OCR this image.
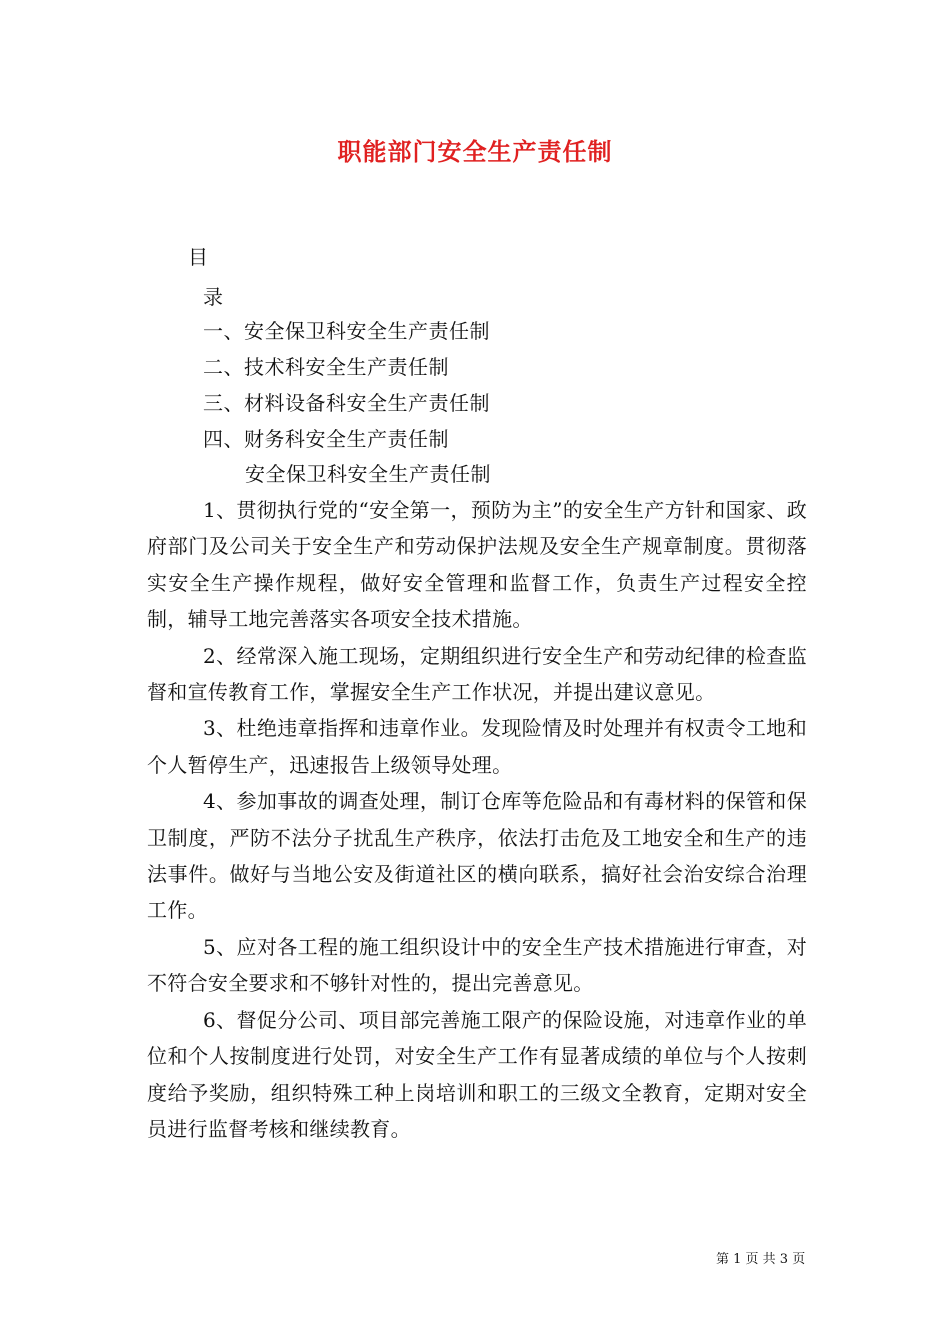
职能部门安全生产责任制
目
录
一、安全保卫科安全生产责任制
二、技术科安全生产责任制
三、材料设备科安全生产责任制
四、财务科安全生产责任制
安全保卫科安全生产责任制

1、贯彻执行党的“安全第一，预防为主”的安全生产方针和国家、政府部门及公司关于安全生产和劳动保护法规及安全生产规章制度。贯彻落实安全生产操作规程，做好安全管理和监督工作，负责生产过程安全控制，辅导工地完善落实各项安全技术措施。

2、经常深入施工现场，定期组织进行安全生产和劳动纪律的检查监督和宣传教育工作，掌握安全生产工作状况，并提出建议意见。

3、杜绝违章指挥和违章作业。发现险情及时处理并有权责令工地和个人暂停生产，迅速报告上级领导处理。

4、参加事故的调查处理，制订仓库等危险品和有毒材料的保管和保卫制度，严防不法分子扰乱生产秩序，依法打击危及工地安全和生产的违法事件。做好与当地公安及街道社区的横向联系，搞好社会治安综合治理工作。

5、应对各工程的施工组织设计中的安全生产技术措施进行审查，对不符合安全要求和不够针对性的，提出完善意见。

6、督促分公司、项目部完善施工限产的保险设施，对违章作业的单位和个人按制度进行处罚，对安全生产工作有显著成绩的单位与个人按刺度给予奖励，组织特殊工种上岗培训和职工的三级文全教育，定期对安全员进行监督考核和继续教育。

第 1 页 共 3 页
